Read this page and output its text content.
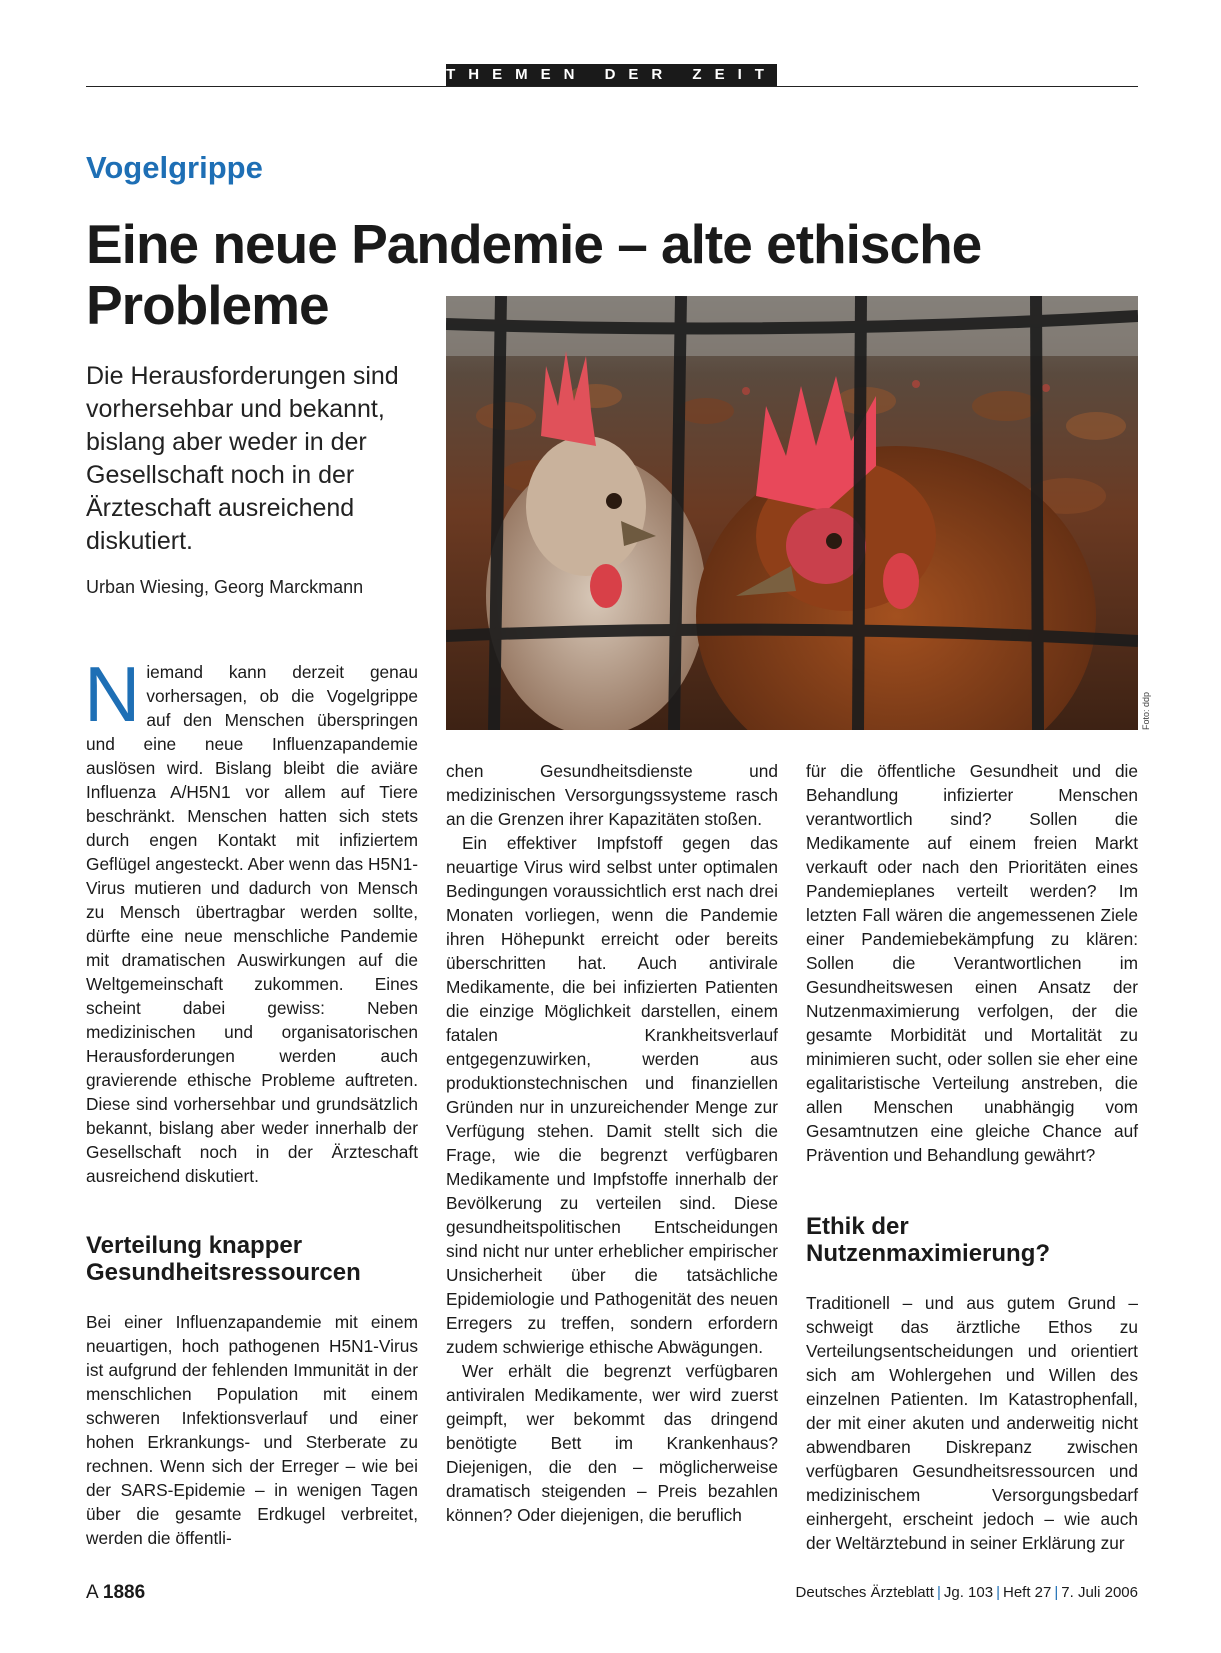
THEMEN DER ZEIT
Vogelgrippe
Eine neue Pandemie – alte ethische Probleme
Die Herausforderungen sind vorhersehbar und bekannt, bislang aber weder in der Gesellschaft noch in der Ärzteschaft ausreichend diskutiert.
Urban Wiesing, Georg Marckmann
Foto: ddp

Niemand kann derzeit genau vorhersagen, ob die Vogelgrippe auf den Menschen überspringen und eine neue Influenzapandemie auslösen wird. Bislang bleibt die aviäre Influenza A/H5N1 vor allem auf Tiere beschränkt. Menschen hatten sich stets durch engen Kontakt mit infiziertem Geflügel angesteckt. Aber wenn das H5N1-Virus mutieren und dadurch von Mensch zu Mensch übertragbar werden sollte, dürfte eine neue menschliche Pandemie mit dramatischen Auswirkungen auf die Weltgemeinschaft zukommen. Eines scheint dabei gewiss: Neben medizinischen und organisatorischen Herausforderungen werden auch gravierende ethische Probleme auftreten. Diese sind vorhersehbar und grundsätzlich bekannt, bislang aber weder innerhalb der Gesellschaft noch in der Ärzteschaft ausreichend diskutiert.

Verteilung knapper Gesundheitsressourcen

Bei einer Influenzapandemie mit einem neuartigen, hoch pathogenen H5N1-Virus ist aufgrund der fehlenden Immunität in der menschlichen Population mit einem schweren Infektionsverlauf und einer hohen Erkrankungs- und Sterberate zu rechnen. Wenn sich der Erreger – wie bei der SARS-Epidemie – in wenigen Tagen über die gesamte Erdkugel verbreitet, werden die öffentli-

chen Gesundheitsdienste und medizinischen Versorgungssysteme rasch an die Grenzen ihrer Kapazitäten stoßen.

Ein effektiver Impfstoff gegen das neuartige Virus wird selbst unter optimalen Bedingungen voraussichtlich erst nach drei Monaten vorliegen, wenn die Pandemie ihren Höhepunkt erreicht oder bereits überschritten hat. Auch antivirale Medikamente, die bei infizierten Patienten die einzige Möglichkeit darstellen, einem fatalen Krankheitsverlauf entgegenzuwirken, werden aus produktionstechnischen und finanziellen Gründen nur in unzureichender Menge zur Verfügung stehen. Damit stellt sich die Frage, wie die begrenzt verfügbaren Medikamente und Impfstoffe innerhalb der Bevölkerung zu verteilen sind. Diese gesundheitspolitischen Entscheidungen sind nicht nur unter erheblicher empirischer Unsicherheit über die tatsächliche Epidemiologie und Pathogenität des neuen Erregers zu treffen, sondern erfordern zudem schwierige ethische Abwägungen.

Wer erhält die begrenzt verfügbaren antiviralen Medikamente, wer wird zuerst geimpft, wer bekommt das dringend benötigte Bett im Krankenhaus? Diejenigen, die den – möglicherweise dramatisch steigenden – Preis bezahlen können? Oder diejenigen, die beruflich

für die öffentliche Gesundheit und die Behandlung infizierter Menschen verantwortlich sind? Sollen die Medikamente auf einem freien Markt verkauft oder nach den Prioritäten eines Pandemieplanes verteilt werden? Im letzten Fall wären die angemessenen Ziele einer Pandemiebekämpfung zu klären: Sollen die Verantwortlichen im Gesundheitswesen einen Ansatz der Nutzenmaximierung verfolgen, der die gesamte Morbidität und Mortalität zu minimieren sucht, oder sollen sie eher eine egalitaristische Verteilung anstreben, die allen Menschen unabhängig vom Gesamtnutzen eine gleiche Chance auf Prävention und Behandlung gewährt?

Ethik der Nutzenmaximierung?

Traditionell – und aus gutem Grund – schweigt das ärztliche Ethos zu Verteilungsentscheidungen und orientiert sich am Wohlergehen und Willen des einzelnen Patienten. Im Katastrophenfall, der mit einer akuten und anderweitig nicht abwendbaren Diskrepanz zwischen verfügbaren Gesundheitsressourcen und medizinischem Versorgungsbedarf einhergeht, erscheint jedoch – wie auch der Weltärztebund in seiner Erklärung zur

A 1886	Deutsches Ärzteblatt | Jg. 103 | Heft 27 | 7. Juli 2006
